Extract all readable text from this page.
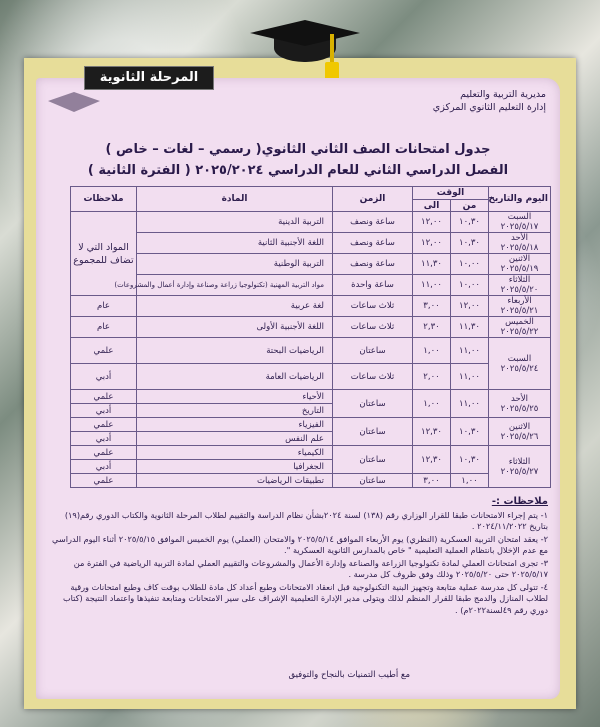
مديرية التربية والتعليم
إدارة التعليم الثانوي المركزي
جدول امتحانات الصف الثاني الثانوي( رسمي – لغات – خاص )
الفصل الدراسي الثاني للعام الدراسي ٢٠٢٥/٢٠٢٤ ( الفترة الثانية )
اليوم والتاريخ	الوقت		الزمن	المادة	ملاحظات
	من	الى			

السبت
٢٠٢٥/٥/١٧	١٠,٣٠	١٢,٠٠	ساعة ونصف	التربية الدينية	المواد التي لا تضاف للمجموع

الأحد
٢٠٢٥/٥/١٨	١٠,٣٠	١٢,٠٠	ساعة ونصف	اللغة الأجنبية الثانية	

الاثنين
٢٠٢٥/٥/١٩	١٠,٠٠	١١,٣٠	ساعة ونصف	التربية الوطنية	

الثلاثاء
٢٠٢٥/٥/٢٠	١٠,٠٠	١١,٠٠	ساعة واحدة	مواد التربية المهنية (تكنولوجيا زراعة وصناعة وإدارة أعمال والمشروعات)	

الأربعاء
٢٠٢٥/٥/٢١	١٢,٠٠	٣,٠٠	ثلاث ساعات	لغة عربية	عام

الخميس
٢٠٢٥/٥/٢٢	١١,٣٠	٢,٣٠	ثلاث ساعات	اللغة الأجنبية الأولى	عام

السبت
٢٠٢٥/٥/٢٤	١١,٠٠	١,٠٠	ساعتان	الرياضيات البحتة	علمي
	١١,٠٠	٢,٠٠	ثلاث ساعات	الرياضيات العامة	أدبي

الأحد
٢٠٢٥/٥/٢٥	١١,٠٠	١,٠٠	ساعتان	الأحياء	علمي
				التاريخ	أدبي

الاثنين
٢٠٢٥/٥/٢٦	١٠,٣٠	١٢,٣٠	ساعتان	الفيزياء	علمي
				علم النفس	أدبي

الثلاثاء
٢٠٢٥/٥/٢٧	١٠,٣٠	١٢,٣٠	ساعتان	الكيمياء	علمي
				الجغرافيا	أدبي
	١,٠٠	٣,٠٠	ساعتان	تطبيقات الرياضيات	علمي
ملاحظات :-

١- يتم إجراء الامتحانات طبقا للقرار الوزاري رقم (١٣٨) لسنة ٢٠٢٤بشأن نظام الدراسة والتقييم لطلاب المرحلة الثانوية والكتاب الدوري رقم(١٩) بتاريخ ٢٠٢٤/١١/٢٠٢٢ .

٢- يعقد امتحان التربية العسكرية (النظري) يوم الأربعاء الموافق ٢٠٢٥/٥/١٤ والامتحان (العملي) يوم الخميس الموافق ٢٠٢٥/٥/١٥ أثناء اليوم الدراسي مع عدم الإخلال بانتظام العملية التعليمية " خاص بالمدارس الثانوية العسكرية ".

٣- تجرى امتحانات العملي لمادة تكنولوجيا الزراعة والصناعة وإدارة الأعمال والمشروعات والتقييم العملي لمادة التربية الرياضية في الفترة من ٢٠٢٥/٥/١٧ حتى ٢٠٢٥/٥/٢٠ وذلك وفق ظروف كل مدرسة .

٤- تتولى كل مدرسة عملية متابعة وتجهيز البنية التكنولوجية قبل انعقاد الامتحانات وطبع أعداد كل مادة للطلاب بوقت كاف وطبع امتحانات ورقية لطلاب المنازل والدمج طبقا للقرار المنظم لذلك ويتولى مدير الإدارة التعليمية الإشراف على سير الامتحانات ومتابعة تنفيذها واعتماد النتيجة (كتاب دوري رقم ٤٩لسنة٢٠٢٢م) .

مع أطيب التمنيات بالنجاح والتوفيق
المرحلة الثانوية
